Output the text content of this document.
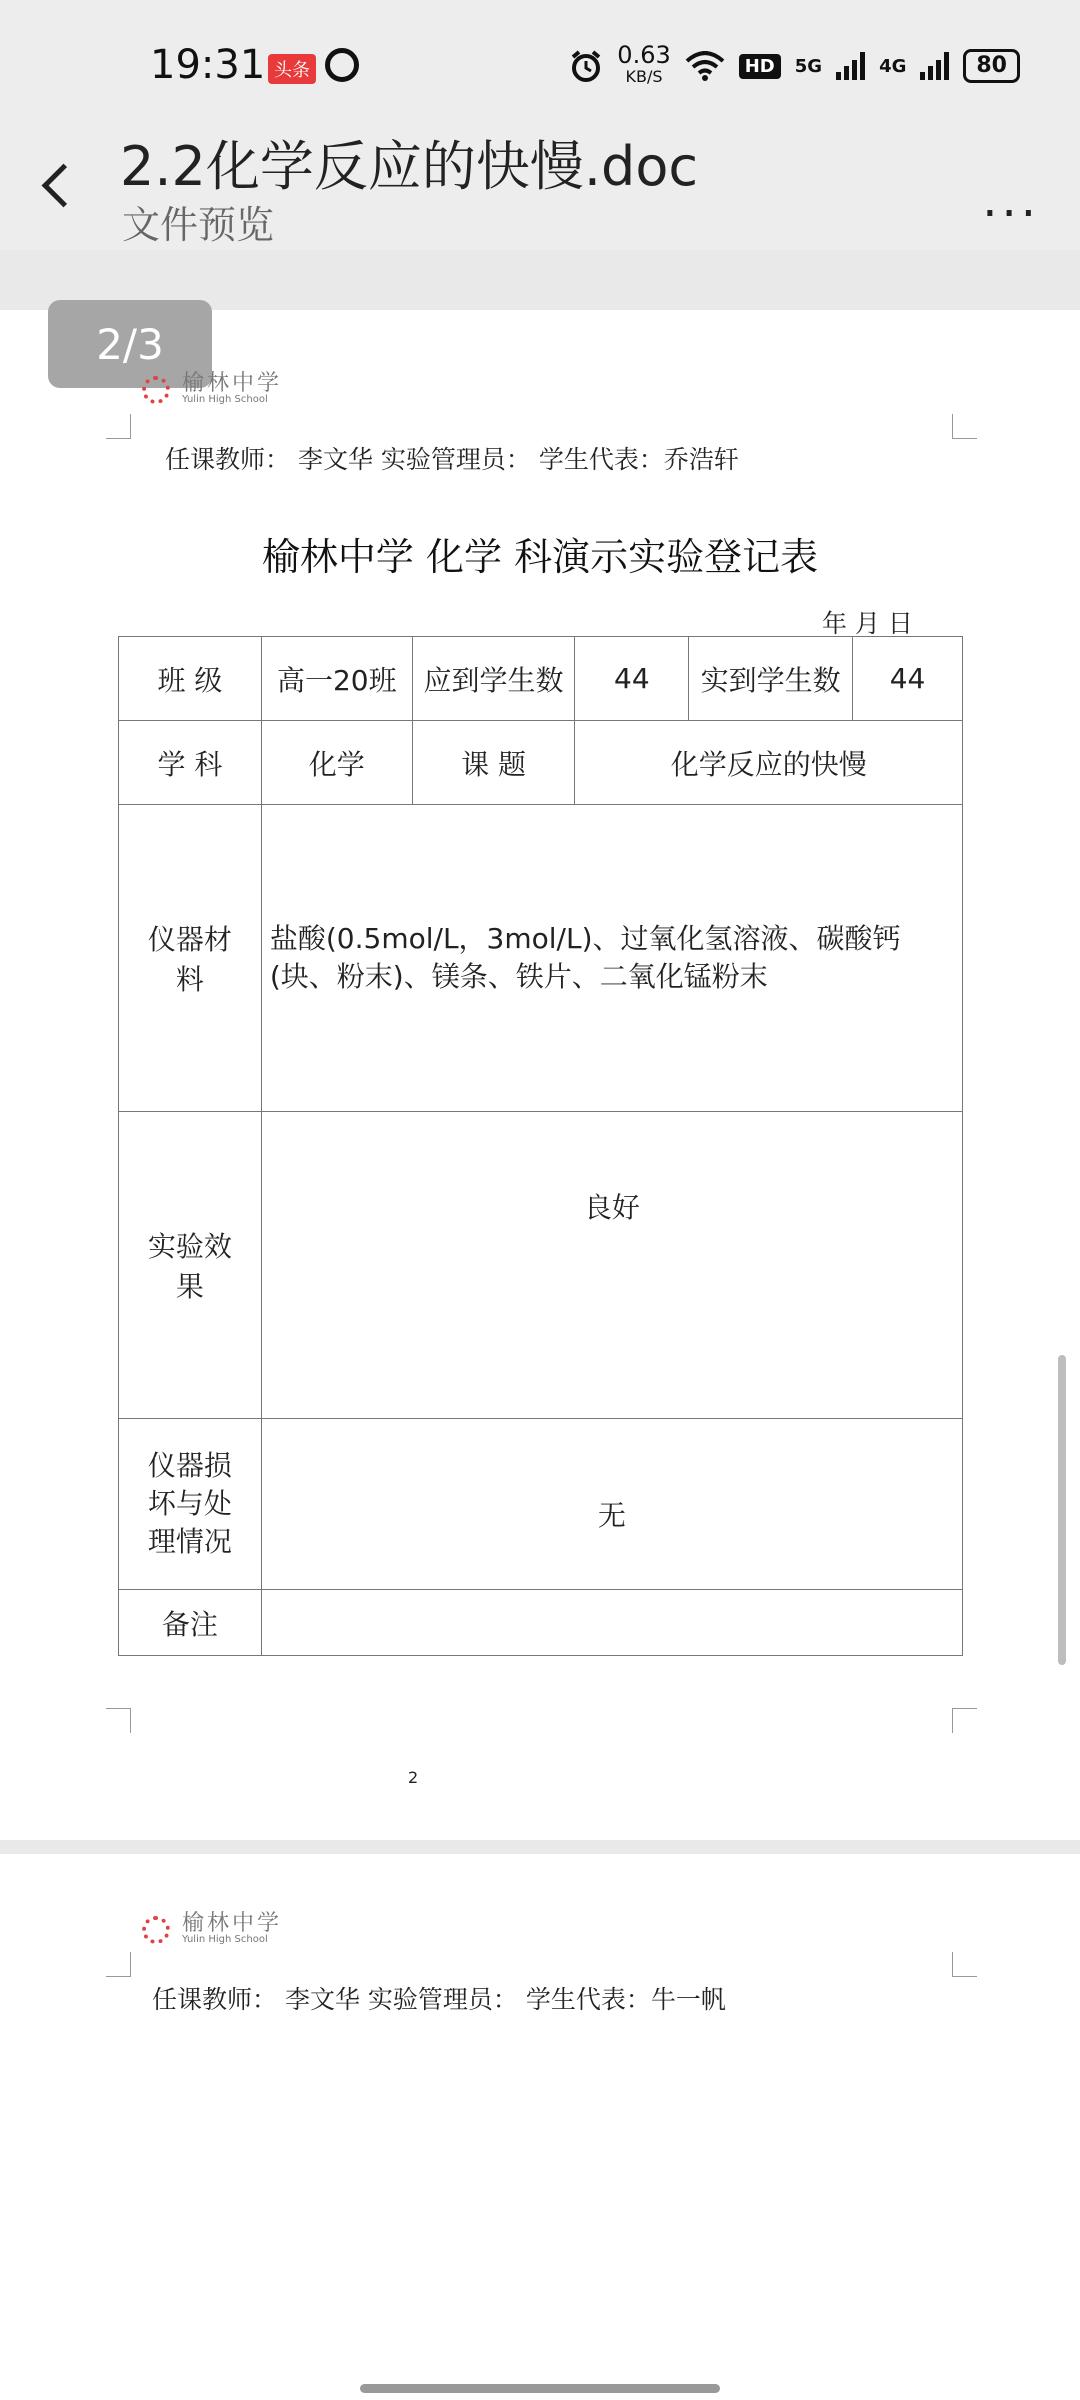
19:31 头条
0.63
KB/S	HD	5G	4G	80
2.2化学反应的快慢.doc
文件预览	...
2/3
榆林中学
Yulin High School
任课教师： 李文华 实验管理员： 学生代表：乔浩轩
榆林中学 化学 科演示实验登记表
年 月 日
班 级	高一20班	应到学生数	44	实到学生数	44
学 科	化学	课 题	化学反应的快慢		
仪器材料	盐酸(0.5mol/L，3mol/L)、过氧化氢溶液、碳酸钙(块、粉末)、镁条、铁片、二氧化锰粉末				
实验效果	良好				
仪器损坏与处理情况	无				
备注					
2
榆林中学
Yulin High School
任课教师： 李文华 实验管理员： 学生代表：牛一帆
